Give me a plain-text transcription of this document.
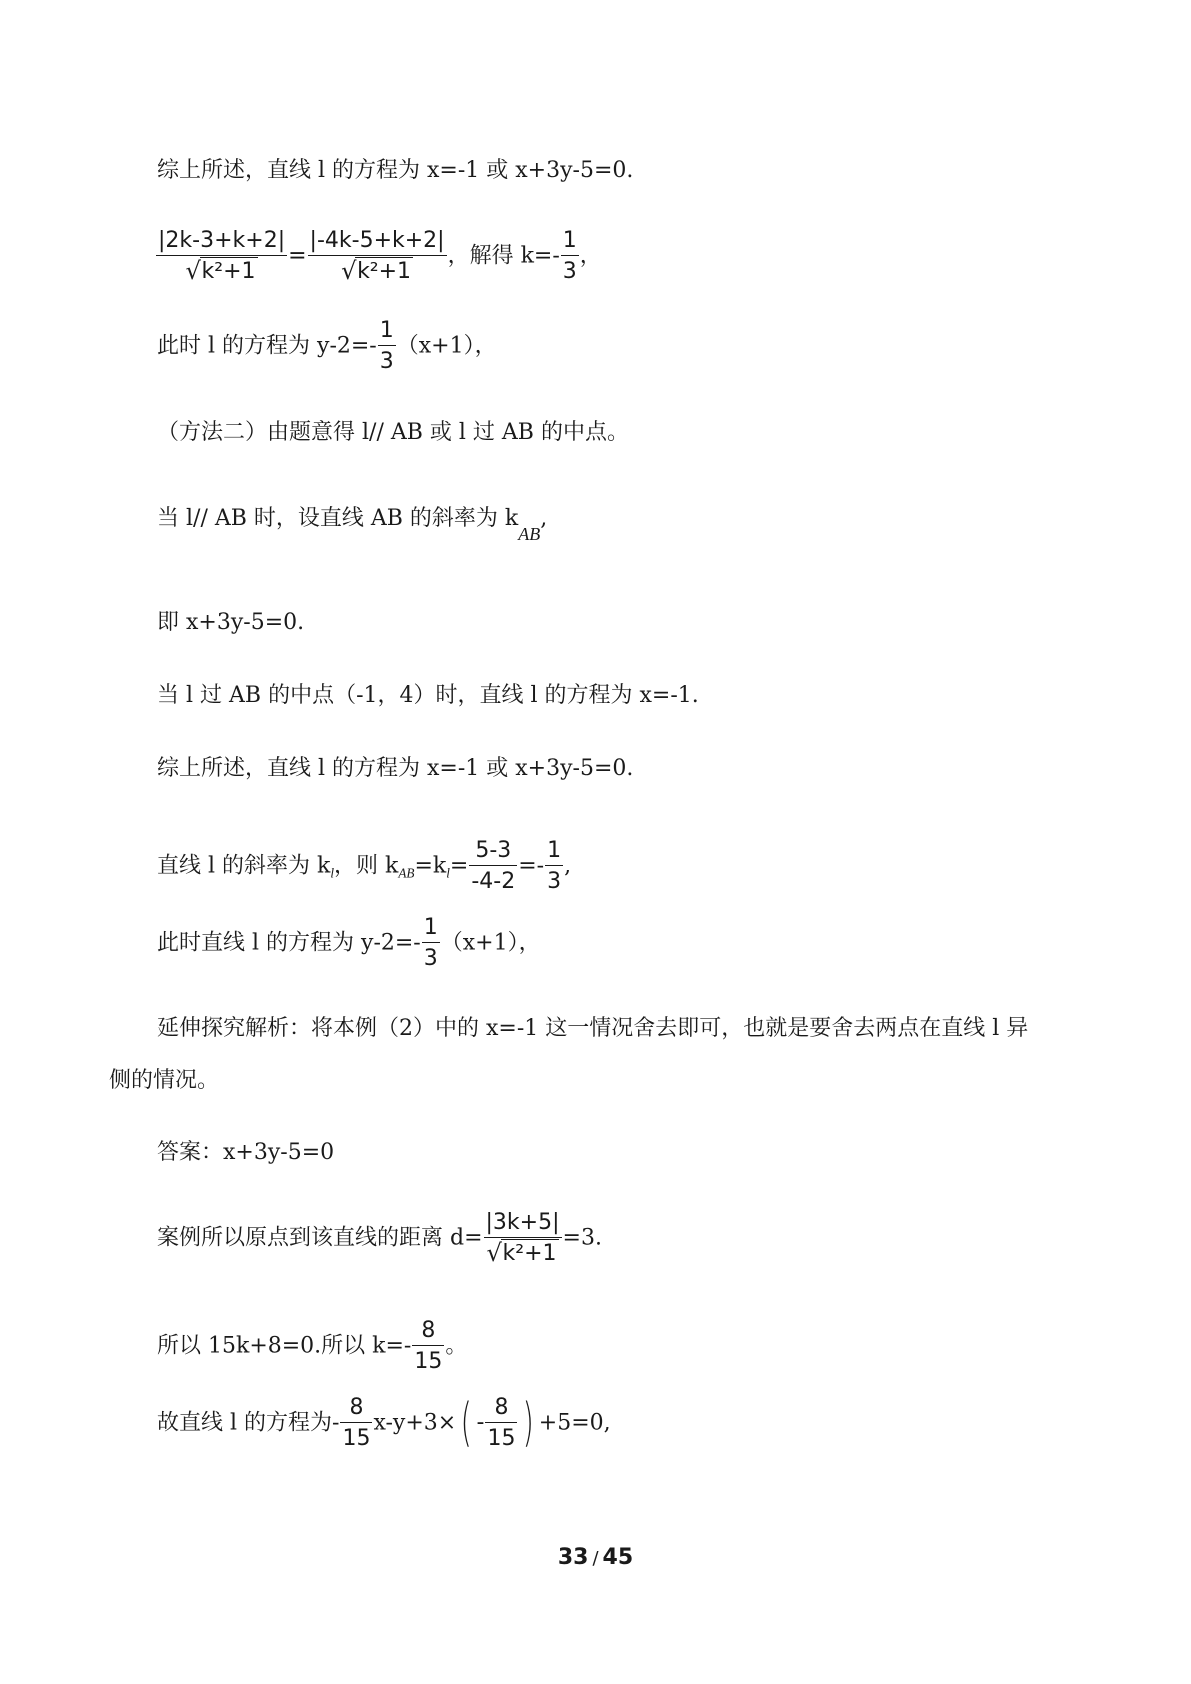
综上所述，直线 l 的方程为 x=-1 或 x+3y-5=0.
|2k-3+k+2|
√ k²+1 = |-4k-5+k+2|
√ k²+1 ，解得 $k=- \frac{1}{3}$ ，
此时 l 的方程为 $y-2=- \frac{1}{3} (x+1)$，
（方法二）由题意得 l// AB 或 l 过 AB 的中点。
当 l// AB 时，设直线 AB 的斜率为 $k_{AB}$,
即 x+3y-5=0.
当 l 过 AB 的中点（-1，4）时，直线 l 的方程为 x=-1.
综上所述，直线 l 的方程为 x=-1 或 x+3y-5=0.
直线 l 的斜率为 $k_l$，则 $k_{AB}=k_l= \frac{5-3}{-4-2} =- \frac{1}{3}$ ,
此时直线 l 的方程为 $y-2=- \frac{1}{3} (x+1)$，
延伸探究解析：将本例（2）中的 x=-1 这一情况舍去即可，也就是要舍去两点在直线 l 异
侧的情况。
答案：x+3y-5=0
案例所以原点到该直线的距离 d= |3k+5|
√ k²+1 =3.
所以 15k+8=0.所以 $k=- \frac{8}{15}$ 。
故直线 l 的方程为- $\frac{8}{15} x-y+3\times$ ( - $\frac{8}{15}$ ) +5=0,
33 / 45
